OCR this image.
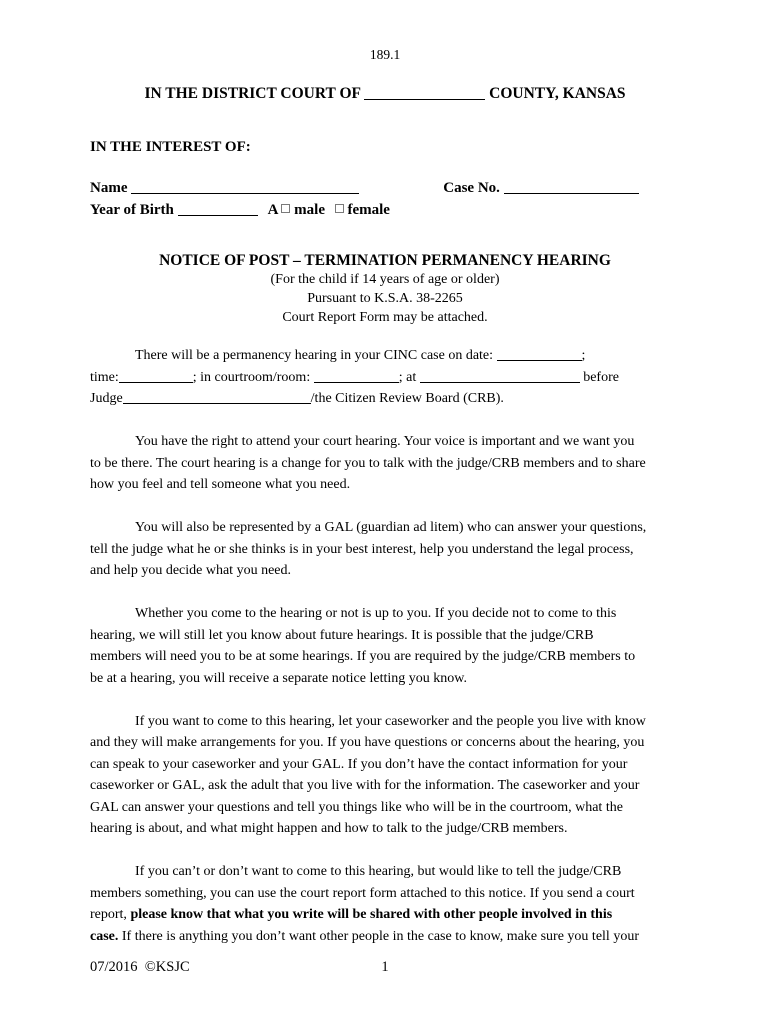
189.1
IN THE DISTRICT COURT OF	COUNTY, KANSAS
IN THE INTEREST OF:
Name	Case No.
Year of Birth	A  male  female
NOTICE OF POST – TERMINATION PERMANENCY HEARING
(For the child if 14 years of age or older)
Pursuant to K.S.A. 38-2265
Court Report Form may be attached.
There will be a permanency hearing in your CINC case on date:	;
time:	; in courtroom/room:	; at	before
Judge	/the Citizen Review Board (CRB).
You have the right to attend your court hearing. Your voice is important and we want you
to be there. The court hearing is a change for you to talk with the judge/CRB members and to share
how you feel and tell someone what you need.
You will also be represented by a GAL (guardian ad litem) who can answer your questions,
tell the judge what he or she thinks is in your best interest, help you understand the legal process,
and help you decide what you need.
Whether you come to the hearing or not is up to you. If you decide not to come to this
hearing, we will still let you know about future hearings. It is possible that the judge/CRB
members will need you to be at some hearings. If you are required by the judge/CRB members to
be at a hearing, you will receive a separate notice letting you know.
If you want to come to this hearing, let your caseworker and the people you live with know
and they will make arrangements for you. If you have questions or concerns about the hearing, you
can speak to your caseworker and your GAL. If you don’t have the contact information for your
caseworker or GAL, ask the adult that you live with for the information. The caseworker and your
GAL can answer your questions and tell you things like who will be in the courtroom, what the
hearing is about, and what might happen and how to talk to the judge/CRB members.
If you can’t or don’t want to come to this hearing, but would like to tell the judge/CRB
members something, you can use the court report form attached to this notice. If you send a court
report, please know that what you write will be shared with other people involved in this
case. If there is anything you don’t want other people in the case to know, make sure you tell your
07/2016  ©KSJC	1
